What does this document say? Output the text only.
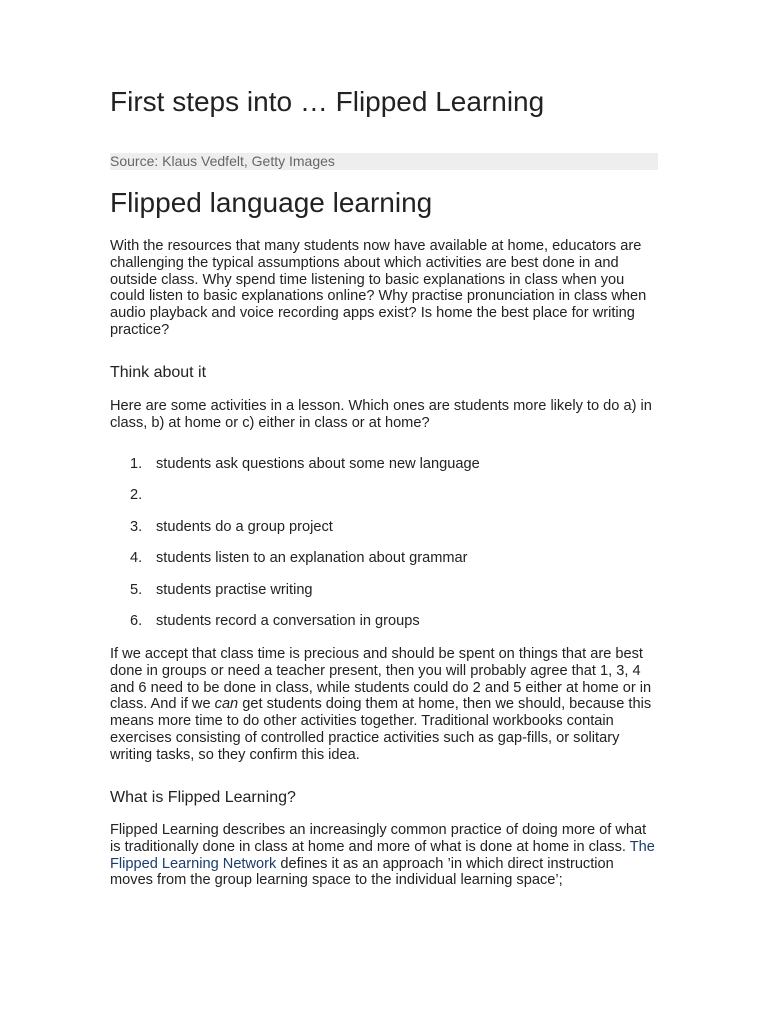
First steps into … Flipped Learning
Source: Klaus Vedfelt, Getty Images
Flipped language learning

With the resources that many students now have available at home, educators are challenging the typical assumptions about which activities are best done in and outside class. Why spend time listening to basic explanations in class when you could listen to basic explanations online? Why practise pronunciation in class when audio playback and voice recording apps exist? Is home the best place for writing practice?

Think about it

Here are some activities in a lesson. Which ones are students more likely to do a) in class, b) at home or c) either in class or at home?

1. students ask questions about some new language
2.
3. students do a group project
4. students listen to an explanation about grammar
5. students practise writing
6. students record a conversation in groups

If we accept that class time is precious and should be spent on things that are best done in groups or need a teacher present, then you will probably agree that 1, 3, 4 and 6 need to be done in class, while students could do 2 and 5 either at home or in class. And if we can get students doing them at home, then we should, because this means more time to do other activities together. Traditional workbooks contain exercises consisting of controlled practice activities such as gap-fills, or solitary writing tasks, so they confirm this idea.

What is Flipped Learning?

Flipped Learning describes an increasingly common practice of doing more of what is traditionally done in class at home and more of what is done at home in class. The Flipped Learning Network defines it as an approach ’in which direct instruction moves from the group learning space to the individual learning space’;
